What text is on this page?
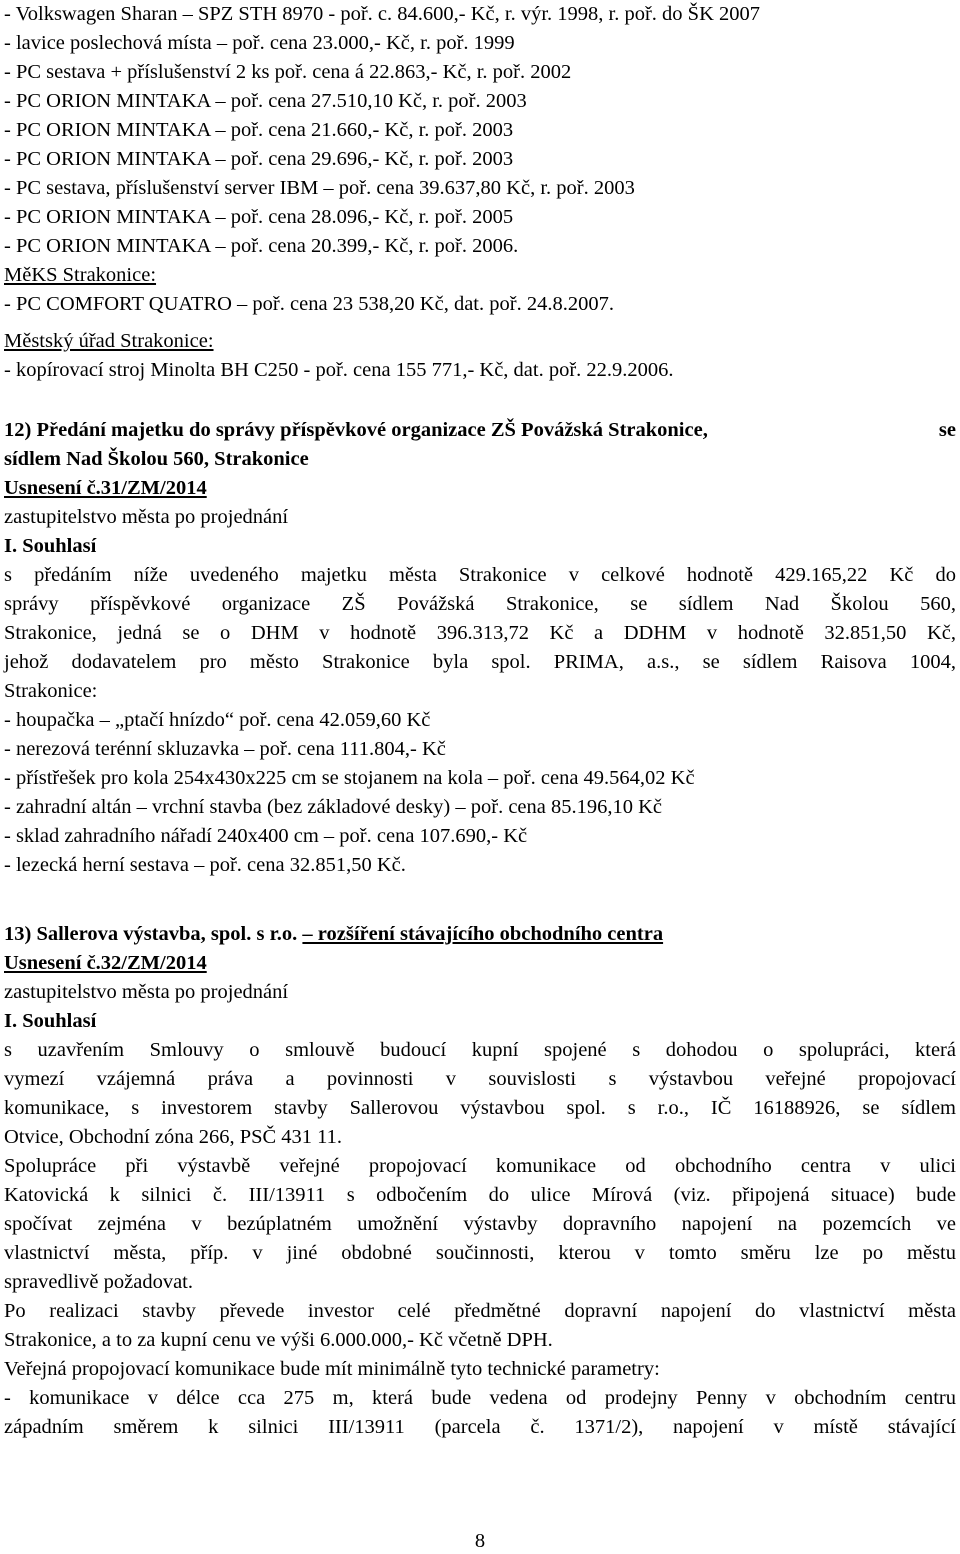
- Volkswagen Sharan – SPZ STH 8970 - poř. c. 84.600,- Kč, r. výr. 1998, r. poř. do ŠK 2007
- lavice poslechová místa – poř. cena 23.000,- Kč, r. poř. 1999
- PC sestava + příslušenství 2 ks poř. cena á 22.863,- Kč, r. poř. 2002
- PC ORION MINTAKA – poř. cena 27.510,10 Kč, r. poř. 2003
- PC ORION MINTAKA – poř. cena 21.660,- Kč, r. poř. 2003
- PC ORION MINTAKA – poř. cena 29.696,- Kč, r. poř. 2003
- PC sestava, příslušenství server IBM – poř. cena 39.637,80 Kč, r. poř. 2003
- PC ORION MINTAKA – poř. cena 28.096,- Kč, r. poř. 2005
- PC ORION MINTAKA – poř. cena 20.399,- Kč, r. poř. 2006.
MěKS Strakonice:
- PC COMFORT QUATRO – poř. cena 23 538,20 Kč, dat. poř. 24.8.2007.
Městský úřad Strakonice:
- kopírovací stroj Minolta BH C250 - poř. cena 155 771,- Kč, dat. poř. 22.9.2006.
12) Předání majetku do správy příspěvkové organizace ZŠ Povážská Strakonice,	se
sídlem Nad Školou 560, Strakonice
Usnesení č.31/ZM/2014
zastupitelstvo města po projednání
I. Souhlasí
s předáním níže uvedeného majetku města Strakonice v celkové hodnotě 429.165,22 Kč do
správy příspěvkové organizace ZŠ Povážská Strakonice, se sídlem Nad Školou 560,
Strakonice, jedná se o DHM v hodnotě 396.313,72 Kč a DDHM v hodnotě 32.851,50 Kč,
jehož dodavatelem pro město Strakonice byla spol. PRIMA, a.s., se sídlem Raisova 1004,
Strakonice:
- houpačka – „ptačí hnízdo“ poř. cena 42.059,60 Kč
- nerezová terénní skluzavka – poř. cena 111.804,- Kč
- přístřešek pro kola 254x430x225 cm se stojanem na kola – poř. cena 49.564,02 Kč
- zahradní altán – vrchní stavba (bez základové desky) – poř. cena 85.196,10 Kč
- sklad zahradního nářadí 240x400 cm – poř. cena 107.690,- Kč
- lezecká herní sestava – poř. cena 32.851,50 Kč.
13) Sallerova výstavba, spol. s r.o. – rozšíření stávajícího obchodního centra
Usnesení č.32/ZM/2014
zastupitelstvo města po projednání
I. Souhlasí
s uzavřením Smlouvy o smlouvě budoucí kupní spojené s dohodou o spolupráci, která
vymezí vzájemná práva a povinnosti v souvislosti s výstavbou veřejné propojovací
komunikace, s investorem stavby Sallerovou výstavbou spol. s r.o., IČ 16188926, se sídlem
Otvice, Obchodní zóna 266, PSČ 431 11.
Spolupráce při výstavbě veřejné propojovací komunikace od obchodního centra v ulici
Katovická k silnici č. III/13911 s odbočením do ulice Mírová (viz. připojená situace) bude
spočívat zejména v bezúplatném umožnění výstavby dopravního napojení na pozemcích ve
vlastnictví města, příp. v jiné obdobné součinnosti, kterou v tomto směru lze po městu
spravedlivě požadovat.
Po realizaci stavby převede investor celé předmětné dopravní napojení do vlastnictví města
Strakonice, a to za kupní cenu ve výši 6.000.000,- Kč včetně DPH.
Veřejná propojovací komunikace bude mít minimálně tyto technické parametry:
- komunikace v délce cca 275 m, která bude vedena od prodejny Penny v obchodním centru
západním směrem k silnici III/13911 (parcela č. 1371/2), napojení v místě stávající
8
